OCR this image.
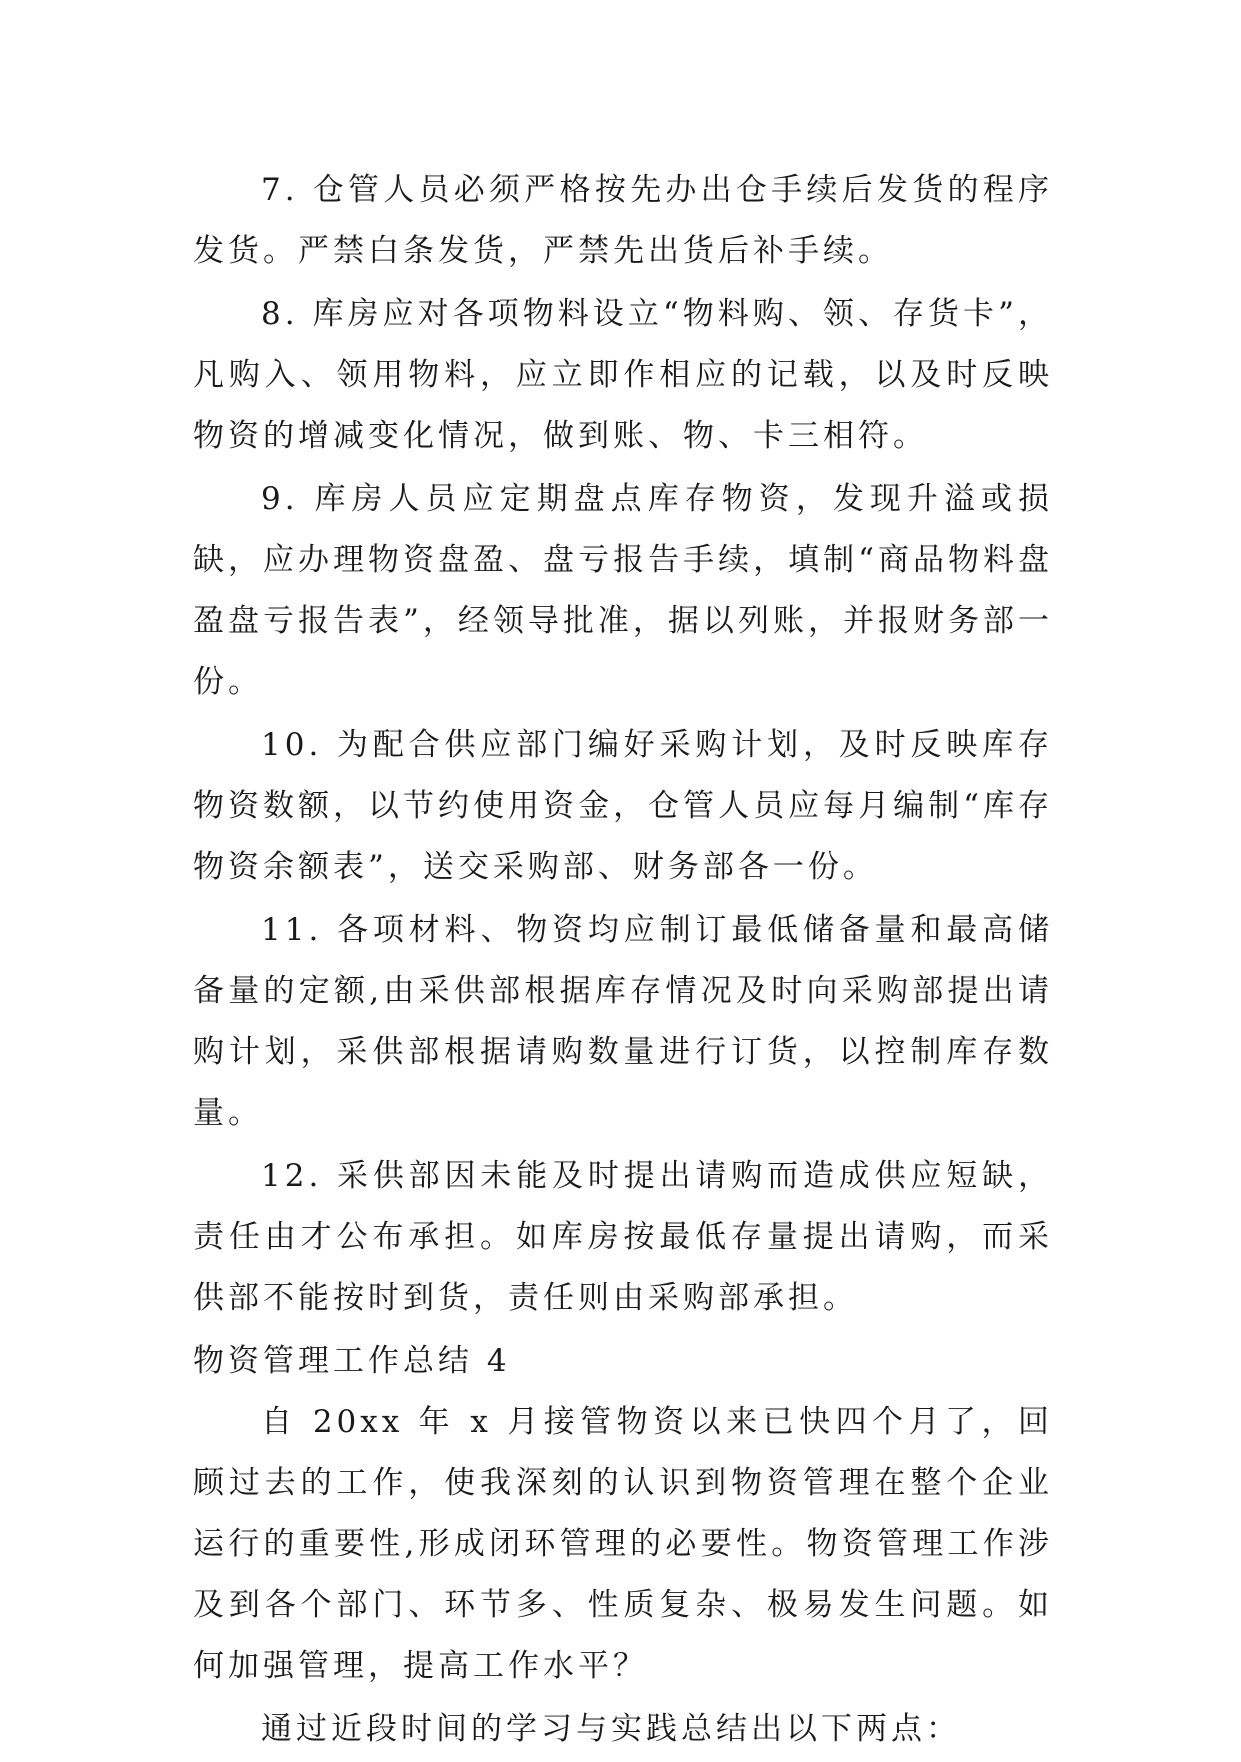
7. 仓管人员必须严格按先办出仓手续后发货的程序发货。严禁白条发货，严禁先出货后补手续。

8. 库房应对各项物料设立“物料购、领、存货卡”，凡购入、领用物料，应立即作相应的记载，以及时反映物资的增减变化情况，做到账、物、卡三相符。

9. 库房人员应定期盘点库存物资，发现升溢或损缺，应办理物资盘盈、盘亏报告手续，填制“商品物料盘盈盘亏报告表”，经领导批准，据以列账，并报财务部一份。

10. 为配合供应部门编好采购计划，及时反映库存物资数额，以节约使用资金，仓管人员应每月编制“库存物资余额表”，送交采购部、财务部各一份。

11. 各项材料、物资均应制订最低储备量和最高储备量的定额,由采供部根据库存情况及时向采购部提出请购计划，采供部根据请购数量进行订货，以控制库存数量。

12. 采供部因未能及时提出请购而造成供应短缺，责任由才公布承担。如库房按最低存量提出请购，而采供部不能按时到货，责任则由采购部承担。

物资管理工作总结 4

自 20xx 年 x 月接管物资以来已快四个月了，回顾过去的工作，使我深刻的认识到物资管理在整个企业运行的重要性,形成闭环管理的必要性。物资管理工作涉及到各个部门、环节多、性质复杂、极易发生问题。如何加强管理，提高工作水平？

通过近段时间的学习与实践总结出以下两点：
